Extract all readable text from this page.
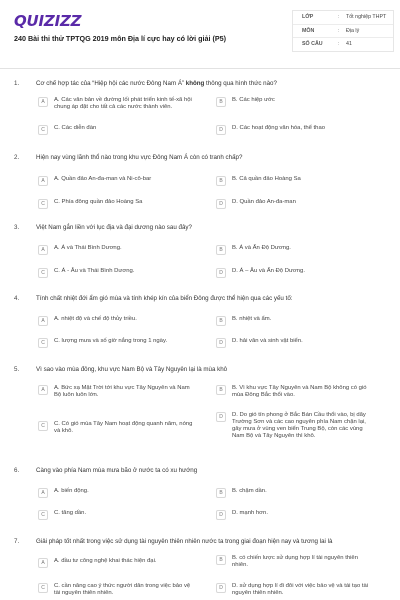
QUIZIZZ
240 Bài thi thử TPTQG 2019 môn Địa lí cực hay có lời giải (P5)
LỚP	:	Tốt nghiệp THPT
MÔN	:	Địa lý
SỐ CÂU	:	41
1.	Cơ chế hợp tác của “Hiệp hội các nước Đông Nam Á” không thông qua hình thức nào?
A	A. Các văn bản về đường lối phát triển kinh tế-xã hội chung áp đặt cho tất cả các nước thành viên.
B	B. Các hiệp ước
C	C. Các diễn đàn	D	D. Các hoạt động văn hóa, thể thao
2.	Hiện nay vùng lãnh thổ nào trong khu vực Đông Nam Á còn có tranh chấp?
A	A. Quần đảo An-đa-man và Ni-cô-bar	B	B. Cả quần đảo Hoàng Sa
C	C. Phía đông quần đảo Hoàng Sa	D	D. Quần đảo An-đa-man
3.	Việt Nam gắn liền với lục địa và đại dương nào sau đây?
A	A. Á và Thái Bình Dương.	B	B. Á và Ấn Độ Dương.
C	C. Á - Âu và Thái Bình Dương.	D	D. Á – Âu và Ấn Độ Dương.
4.	Tính chất nhiệt đới ẩm gió mùa và tính khép kín của biển Đông được thể hiện qua các yếu tố:
A	A. nhiệt độ và chế độ thủy triều.	B	B. nhiệt và ẩm.
C	C. lượng mưa và số giờ nắng trong 1 ngày.	D	D. hải văn và sinh vật biển.
5.	Vì sao vào mùa đông, khu vực Nam Bộ và Tây Nguyên lại là mùa khô
A	A. Bức xạ Mặt Trời tới khu vực Tây Nguyên và Nam Bộ luôn luôn lớn.
B	B. Vì khu vực Tây Nguyên và Nam Bộ không có gió mùa Đông Bắc thổi vào.
C	C. Có gió mùa Tây Nam hoạt động quanh năm, nóng và khô.
D	D. Do gió tín phong ở Bắc Bán Cầu thổi vào, bị dãy Trường Sơn và các cao nguyên phía Nam chặn lại, gây mưa ở vùng ven biển Trung Bộ, còn các vùng Nam Bộ và Tây Nguyên thì khô.
6.	Càng vào phía Nam mùa mưa bão ở nước ta có xu hướng
A	A. biến động.	B	B. chậm dần.
C	C. tăng dần.	D	D. mạnh hơn.
7.	Giải pháp tốt nhất trong việc sử dụng tài nguyên thiên nhiên nước ta trong giai đoạn hiện nay và tương lai là
A	A. đầu tư công nghệ khai thác hiện đại.	B	B. có chiến lược sử dụng hợp lí tài nguyên thiên nhiên.
C	C. cần nâng cao ý thức người dân trong việc bảo vệ tài nguyên thiên nhiên.
D	D. sử dụng hợp lí đi đôi với việc bảo vệ và tái tạo tài nguyên thiên nhiên.
